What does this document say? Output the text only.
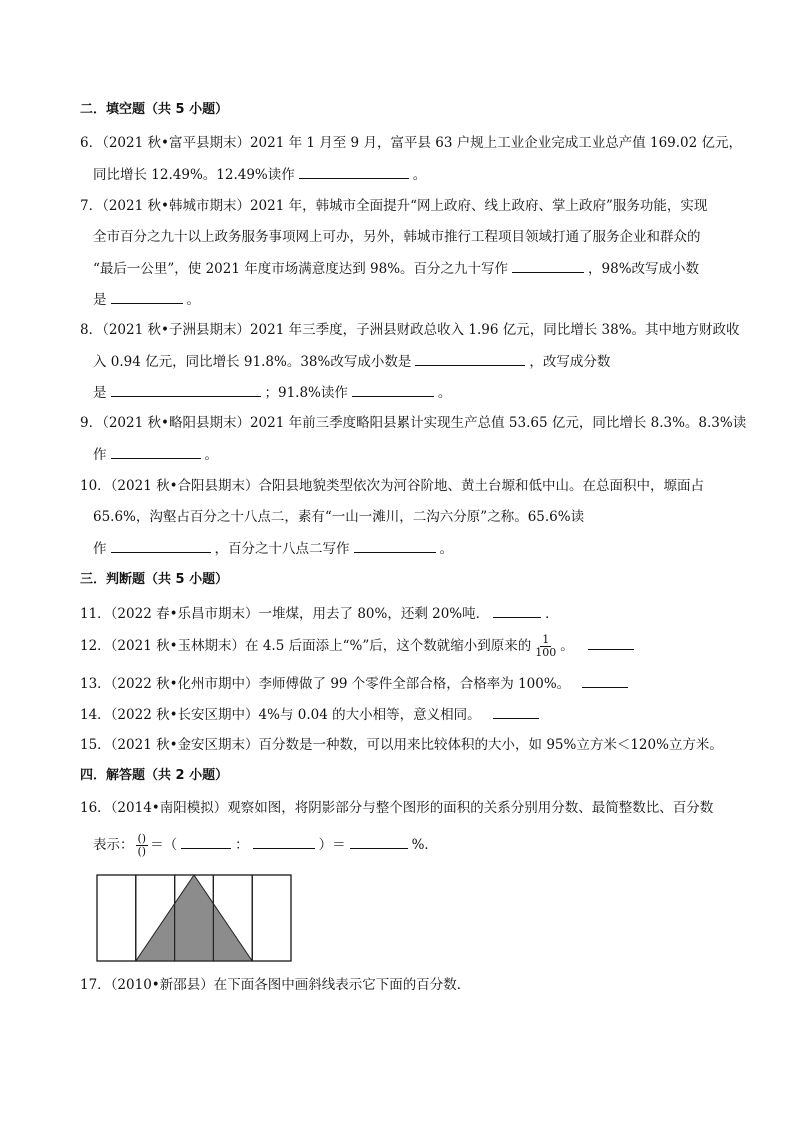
二．填空题（共 5 小题）
6．（2021 秋•富平县期末）2021 年 1 月至 9 月，富平县 63 户规上工业企业完成工业总产值 169.02 亿元，
同比增长 12.49%。12.49%读作	。
7．（2021 秋•韩城市期末）2021 年，韩城市全面提升“网上政府、线上政府、掌上政府”服务功能，实现
全市百分之九十以上政务服务事项网上可办，另外，韩城市推行工程项目领域打通了服务企业和群众的
“最后一公里”，使 2021 年度市场满意度达到 98%。百分之九十写作	，98%改写成小数
是	。
8．（2021 秋•子洲县期末）2021 年三季度，子洲县财政总收入 1.96 亿元，同比增长 38%。其中地方财政收
入 0.94 亿元，同比增长 91.8%。38%改写成小数是	，改写成分数
是	；91.8%读作	。
9．（2021 秋•略阳县期末）2021 年前三季度略阳县累计实现生产总值 53.65 亿元，同比增长 8.3%。8.3%读
作	。
10．（2021 秋•合阳县期末）合阳县地貌类型依次为河谷阶地、黄土台塬和低中山。在总面积中，塬面占
65.6%，沟壑占百分之十八点二，素有“一山一滩川，二沟六分原”之称。65.6%读
作	，百分之十八点二写作	。
三．判断题（共 5 小题）
11．（2022 春•乐昌市期末）一堆煤，用去了 80%，还剩 20%吨．	．
12．（2021 秋•玉林期末）在 4.5 后面添上“%”后，这个数就缩小到原来的 $\frac{1}{100}$ 。
13．（2022 秋•化州市期中）李师傅做了 99 个零件全部合格，合格率为 100%。
14．（2022 秋•长安区期中）4%与 0.04 的大小相等，意义相同。
15．（2021 秋•金安区期末）百分数是一种数，可以用来比较体积的大小，如 95%立方米＜120%立方米。
四．解答题（共 2 小题）
16．（2014•南阳模拟）观察如图，将阴影部分与整个图形的面积的关系分别用分数、最简整数比、百分数
表示： $\frac{()}{()}$ ＝（	：	）＝	%．
17．（2010•新邵县）在下面各图中画斜线表示它下面的百分数．
